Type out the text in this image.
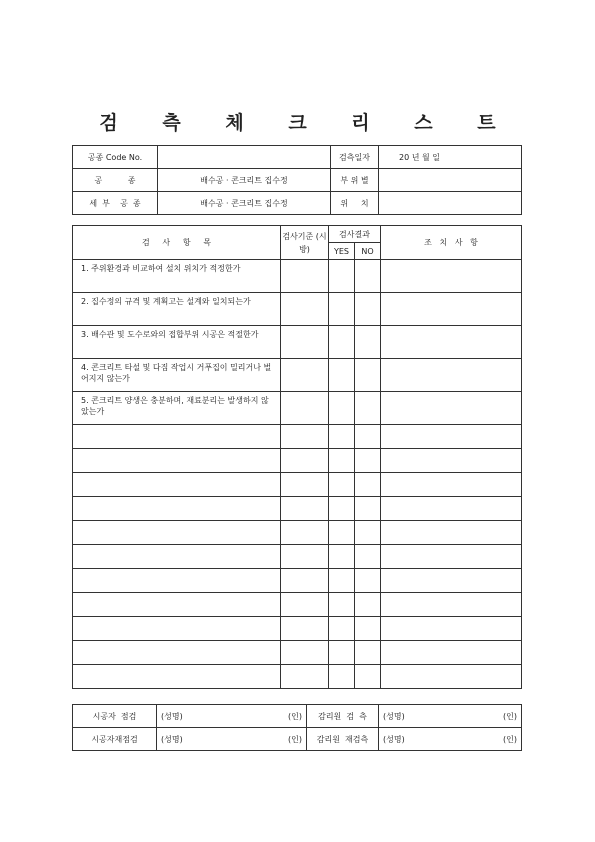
검 측 체 크 리 스 트
공종 Code No.		검측일자	20 년 월 일
공          종	배수공 · 콘크리트 집수정	부 위 별	
세  부    공  종	배수공 · 콘크리트 집수정	위     치	
검     사     항     목	검사기준 (시방)	검사결과		조   치   사   항
		YES	NO	
1. 주위환경과 비교하여 설치 위치가 적정한가				
2. 집수정의 규격 및 계획고는 설계와 일치되는가				
3. 배수관 및 도수로와의 접합부위 시공은 적절한가				
4. 콘크리트 타설 및 다짐 작업시 거푸집이 밀리거나 벌어지지 않는가				
5. 콘크리트 양생은 충분하며, 재료분리는 발생하지 않았는가				

시공자  점검	(성명) (인)	감리원  검  측	(성명) (인)

시공자재점검	(성명) (인)	감리원  재검측	(성명) (인)
